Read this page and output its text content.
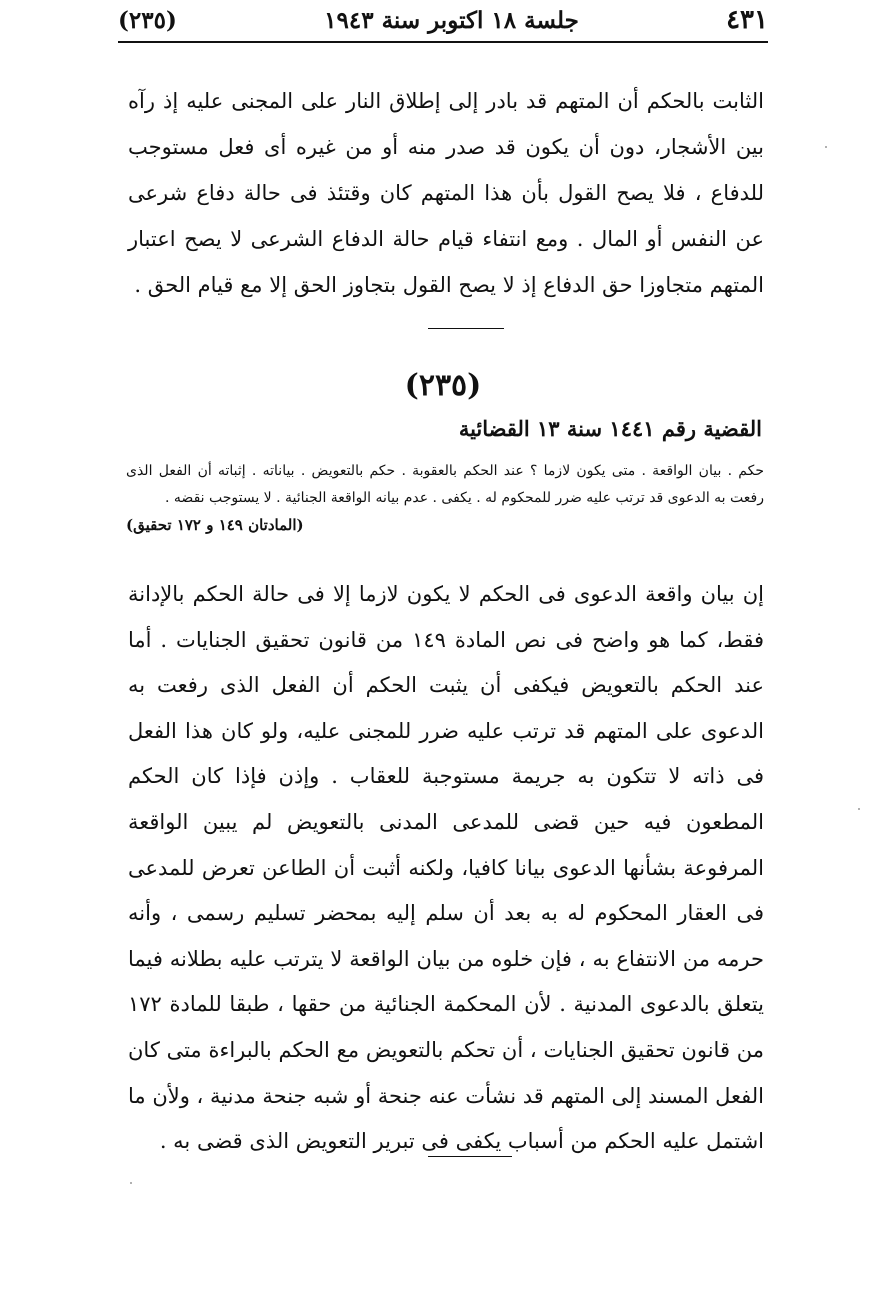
٤٣١
جلسة ١٨ اكتوبر سنة ١٩٤٣
(٢٣٥)
الثابت بالحكم أن المتهم قد بادر إلى إطلاق النار على المجنى عليه إذ رآه بين الأشجار، دون أن يكون قد صدر منه أو من غيره أى فعل مستوجب للدفاع ، فلا يصح القول بأن هذا المتهم كان وقتئذ فى حالة دفاع شرعى عن النفس أو المال . ومع انتفاء قيام حالة الدفاع الشرعى لا يصح اعتبار المتهم متجاوزا حق الدفاع إذ لا يصح القول بتجاوز الحق إلا مع قيام الحق .
(٢٣٥)
القضية رقم ١٤٤١ سنة ١٣ القضائية
حكم . بيان الواقعة . متى يكون لازما ؟ عند الحكم بالعقوبة . حكم بالتعويض . بياناته . إثباته أن الفعل الذى رفعت به الدعوى قد ترتب عليه ضرر للمحكوم له . يكفى . عدم بيانه الواقعة الجنائية . لا يستوجب نقضه .
(المادتان ١٤٩ و ١٧٢ تحقيق)
إن بيان واقعة الدعوى فى الحكم لا يكون لازما إلا فى حالة الحكم بالإدانة فقط، كما هو واضح فى نص المادة ١٤٩ من قانون تحقيق الجنايات . أما عند الحكم بالتعويض فيكفى أن يثبت الحكم أن الفعل الذى رفعت به الدعوى على المتهم قد ترتب عليه ضرر للمجنى عليه، ولو كان هذا الفعل فى ذاته لا تتكون به جريمة مستوجبة للعقاب . وإذن فإذا كان الحكم المطعون فيه حين قضى للمدعى المدنى بالتعويض لم يبين الواقعة المرفوعة بشأنها الدعوى بيانا كافيا، ولكنه أثبت أن الطاعن تعرض للمدعى فى العقار المحكوم له به بعد أن سلم إليه بمحضر تسليم رسمى ، وأنه حرمه من الانتفاع به ، فإن خلوه من بيان الواقعة لا يترتب عليه بطلانه فيما يتعلق بالدعوى المدنية . لأن المحكمة الجنائية من حقها ، طبقا للمادة ١٧٢ من قانون تحقيق الجنايات ، أن تحكم بالتعويض مع الحكم بالبراءة متى كان الفعل المسند إلى المتهم قد نشأت عنه جنحة أو شبه جنحة مدنية ، ولأن ما اشتمل عليه الحكم من أسباب يكفى فى تبرير التعويض الذى قضى به .
